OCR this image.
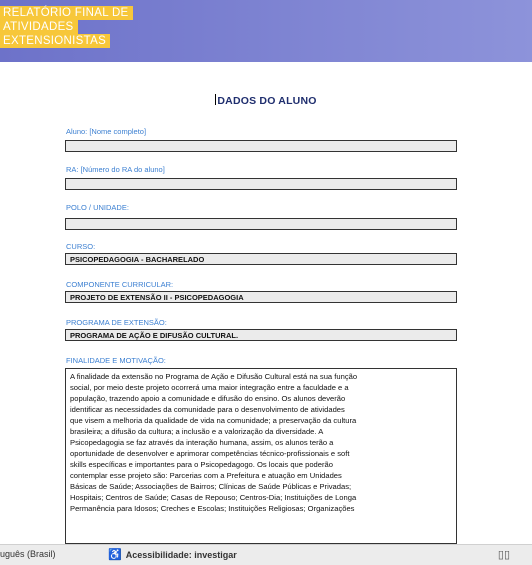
RELATÓRIO FINAL DE
ATIVIDADES
EXTENSIONISTAS
DADOS DO ALUNO
Aluno: [Nome completo]
RA: [Número do RA do aluno]
POLO / UNIDADE:
CURSO:
PSICOPEDAGOGIA - BACHARELADO
COMPONENTE CURRICULAR:
PROJETO DE EXTENSÃO II - PSICOPEDAGOGIA
PROGRAMA DE EXTENSÃO:
PROGRAMA DE AÇÃO E DIFUSÃO CULTURAL.
FINALIDADE E MOTIVAÇÃO:
A finalidade da extensão no Programa de Ação e Difusão Cultural está na sua função
social, por meio deste projeto ocorrerá uma maior integração entre a faculdade e a
população, trazendo apoio a comunidade e difusão do ensino. Os alunos deverão
identificar as necessidades da comunidade para o desenvolvimento de atividades
que visem a melhoria da qualidade de vida na comunidade; a preservação da cultura
brasileira; a difusão da cultura; a inclusão e a valorização da diversidade. A
Psicopedagogia se faz através da interação humana, assim, os alunos terão a
oportunidade de desenvolver e aprimorar competências técnico-profissionais e soft
skills específicas e importantes para o Psicopedagogo. Os locais que poderão
contemplar esse projeto são: Parcerias com a Prefeitura e atuação em Unidades
Básicas de Saúde; Associações de Bairros; Clínicas de Saúde Públicas e Privadas;
Hospitais; Centros de Saúde; Casas de Repouso; Centros-Dia; Instituições de Longa
Permanência para Idosos; Creches e Escolas; Instituições Religiosas; Organizações
uguês (Brasil)	♿ Acessibilidade: investigar	▯▯
